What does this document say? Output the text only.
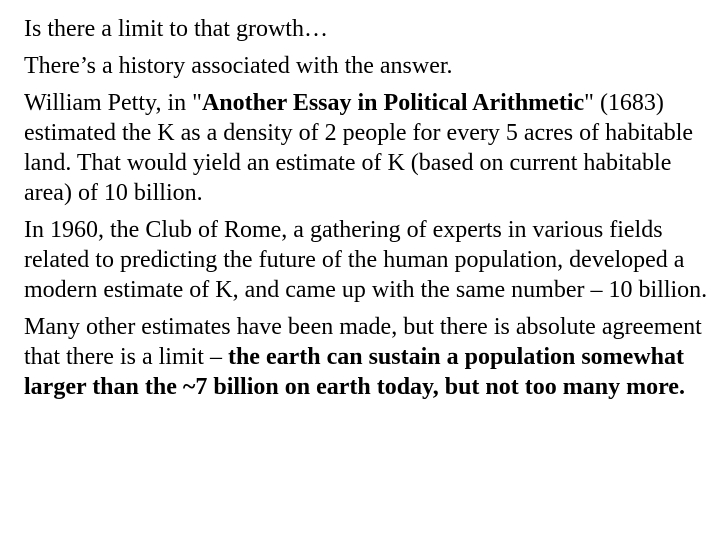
Is there a limit to that growth…

There’s a history associated with the answer.

William Petty, in "Another Essay in Political Arithmetic" (1683) estimated the K as a density of 2 people for every 5 acres of habitable land. That would yield an estimate of K (based on current habitable area) of 10 billion.

In 1960, the Club of Rome, a gathering of experts in various fields related to predicting the future of the human population, developed a modern estimate of K, and came up with the same number – 10 billion.

Many other estimates have been made, but there is absolute agreement that there is a limit – the earth can sustain a population somewhat larger than the ~7 billion on earth today, but not too many more.
